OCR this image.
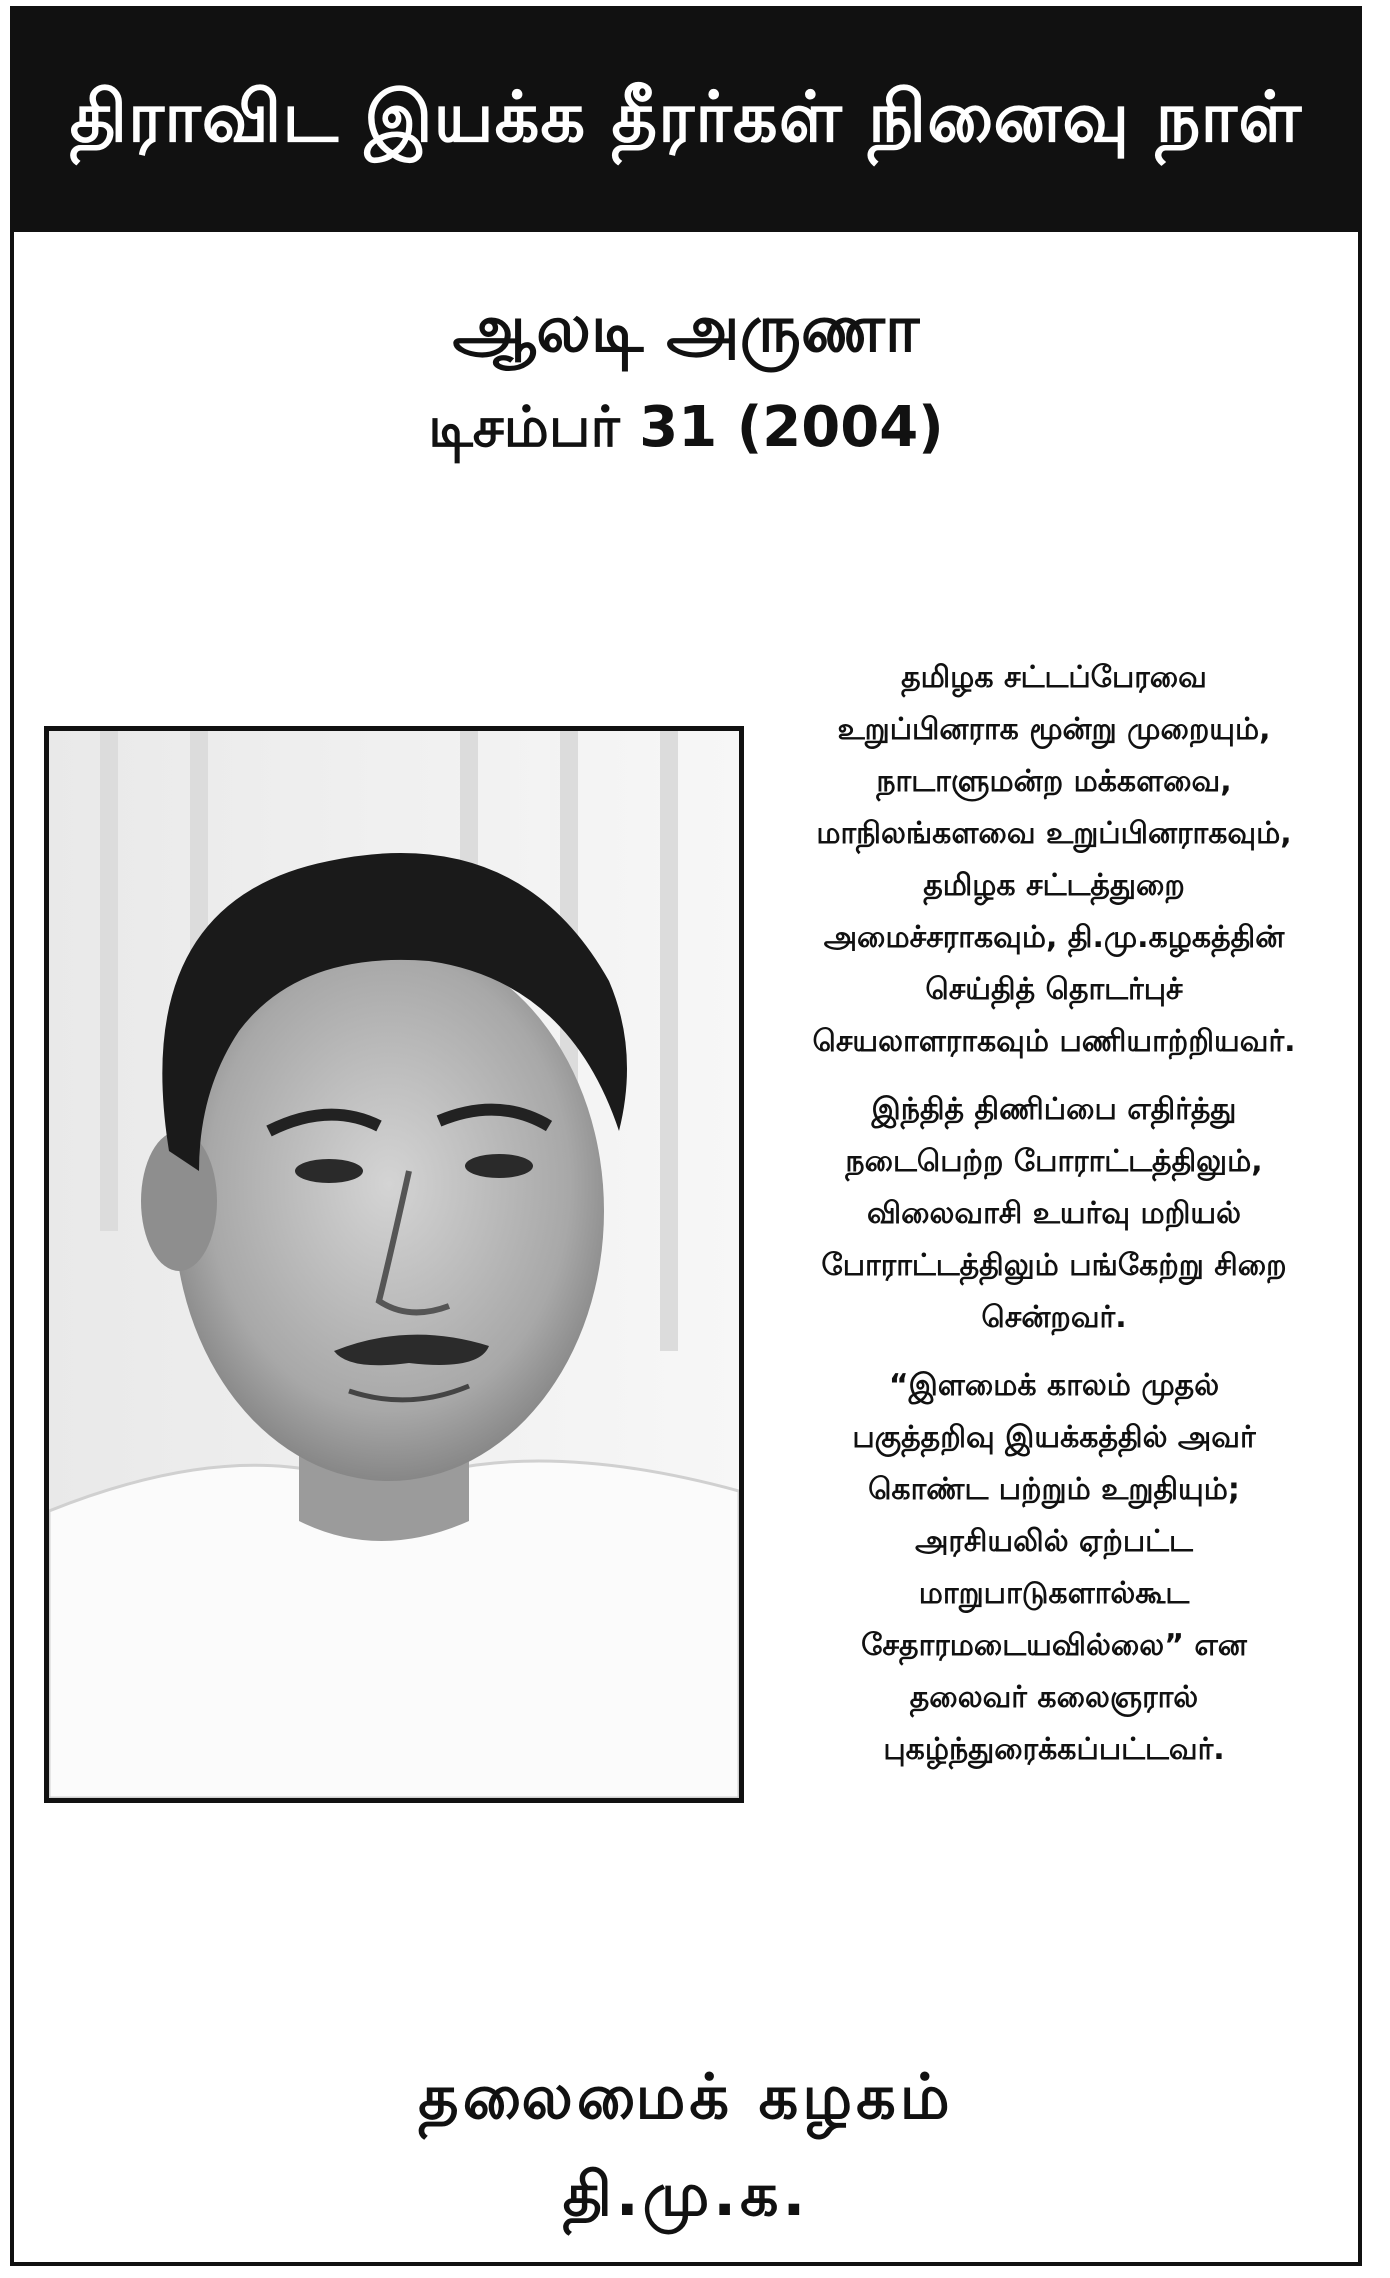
திராவிட இயக்க தீரர்கள் நினைவு நாள்
ஆலடி அருணா
டிசம்பர் 31 (2004)

தமிழக சட்டப்பேரவை
உறுப்பினராக மூன்று முறையும்,
நாடாளுமன்ற மக்களவை,
மாநிலங்களவை உறுப்பினராகவும்,
தமிழக சட்டத்துறை
அமைச்சராகவும், தி.மு.கழகத்தின்
செய்தித் தொடர்புச்
செயலாளராகவும் பணியாற்றியவர்.

இந்தித் திணிப்பை எதிர்த்து
நடைபெற்ற போராட்டத்திலும்,
விலைவாசி உயர்வு மறியல்
போராட்டத்திலும் பங்கேற்று சிறை
சென்றவர்.

“இளமைக் காலம் முதல்
பகுத்தறிவு இயக்கத்தில் அவர்
கொண்ட பற்றும் உறுதியும்;
அரசியலில் ஏற்பட்ட
மாறுபாடுகளால்கூட
சேதாரமடையவில்லை” என
தலைவர் கலைஞரால்
புகழ்ந்துரைக்கப்பட்டவர்.

தலைமைக் கழகம்
தி.மு.க.
